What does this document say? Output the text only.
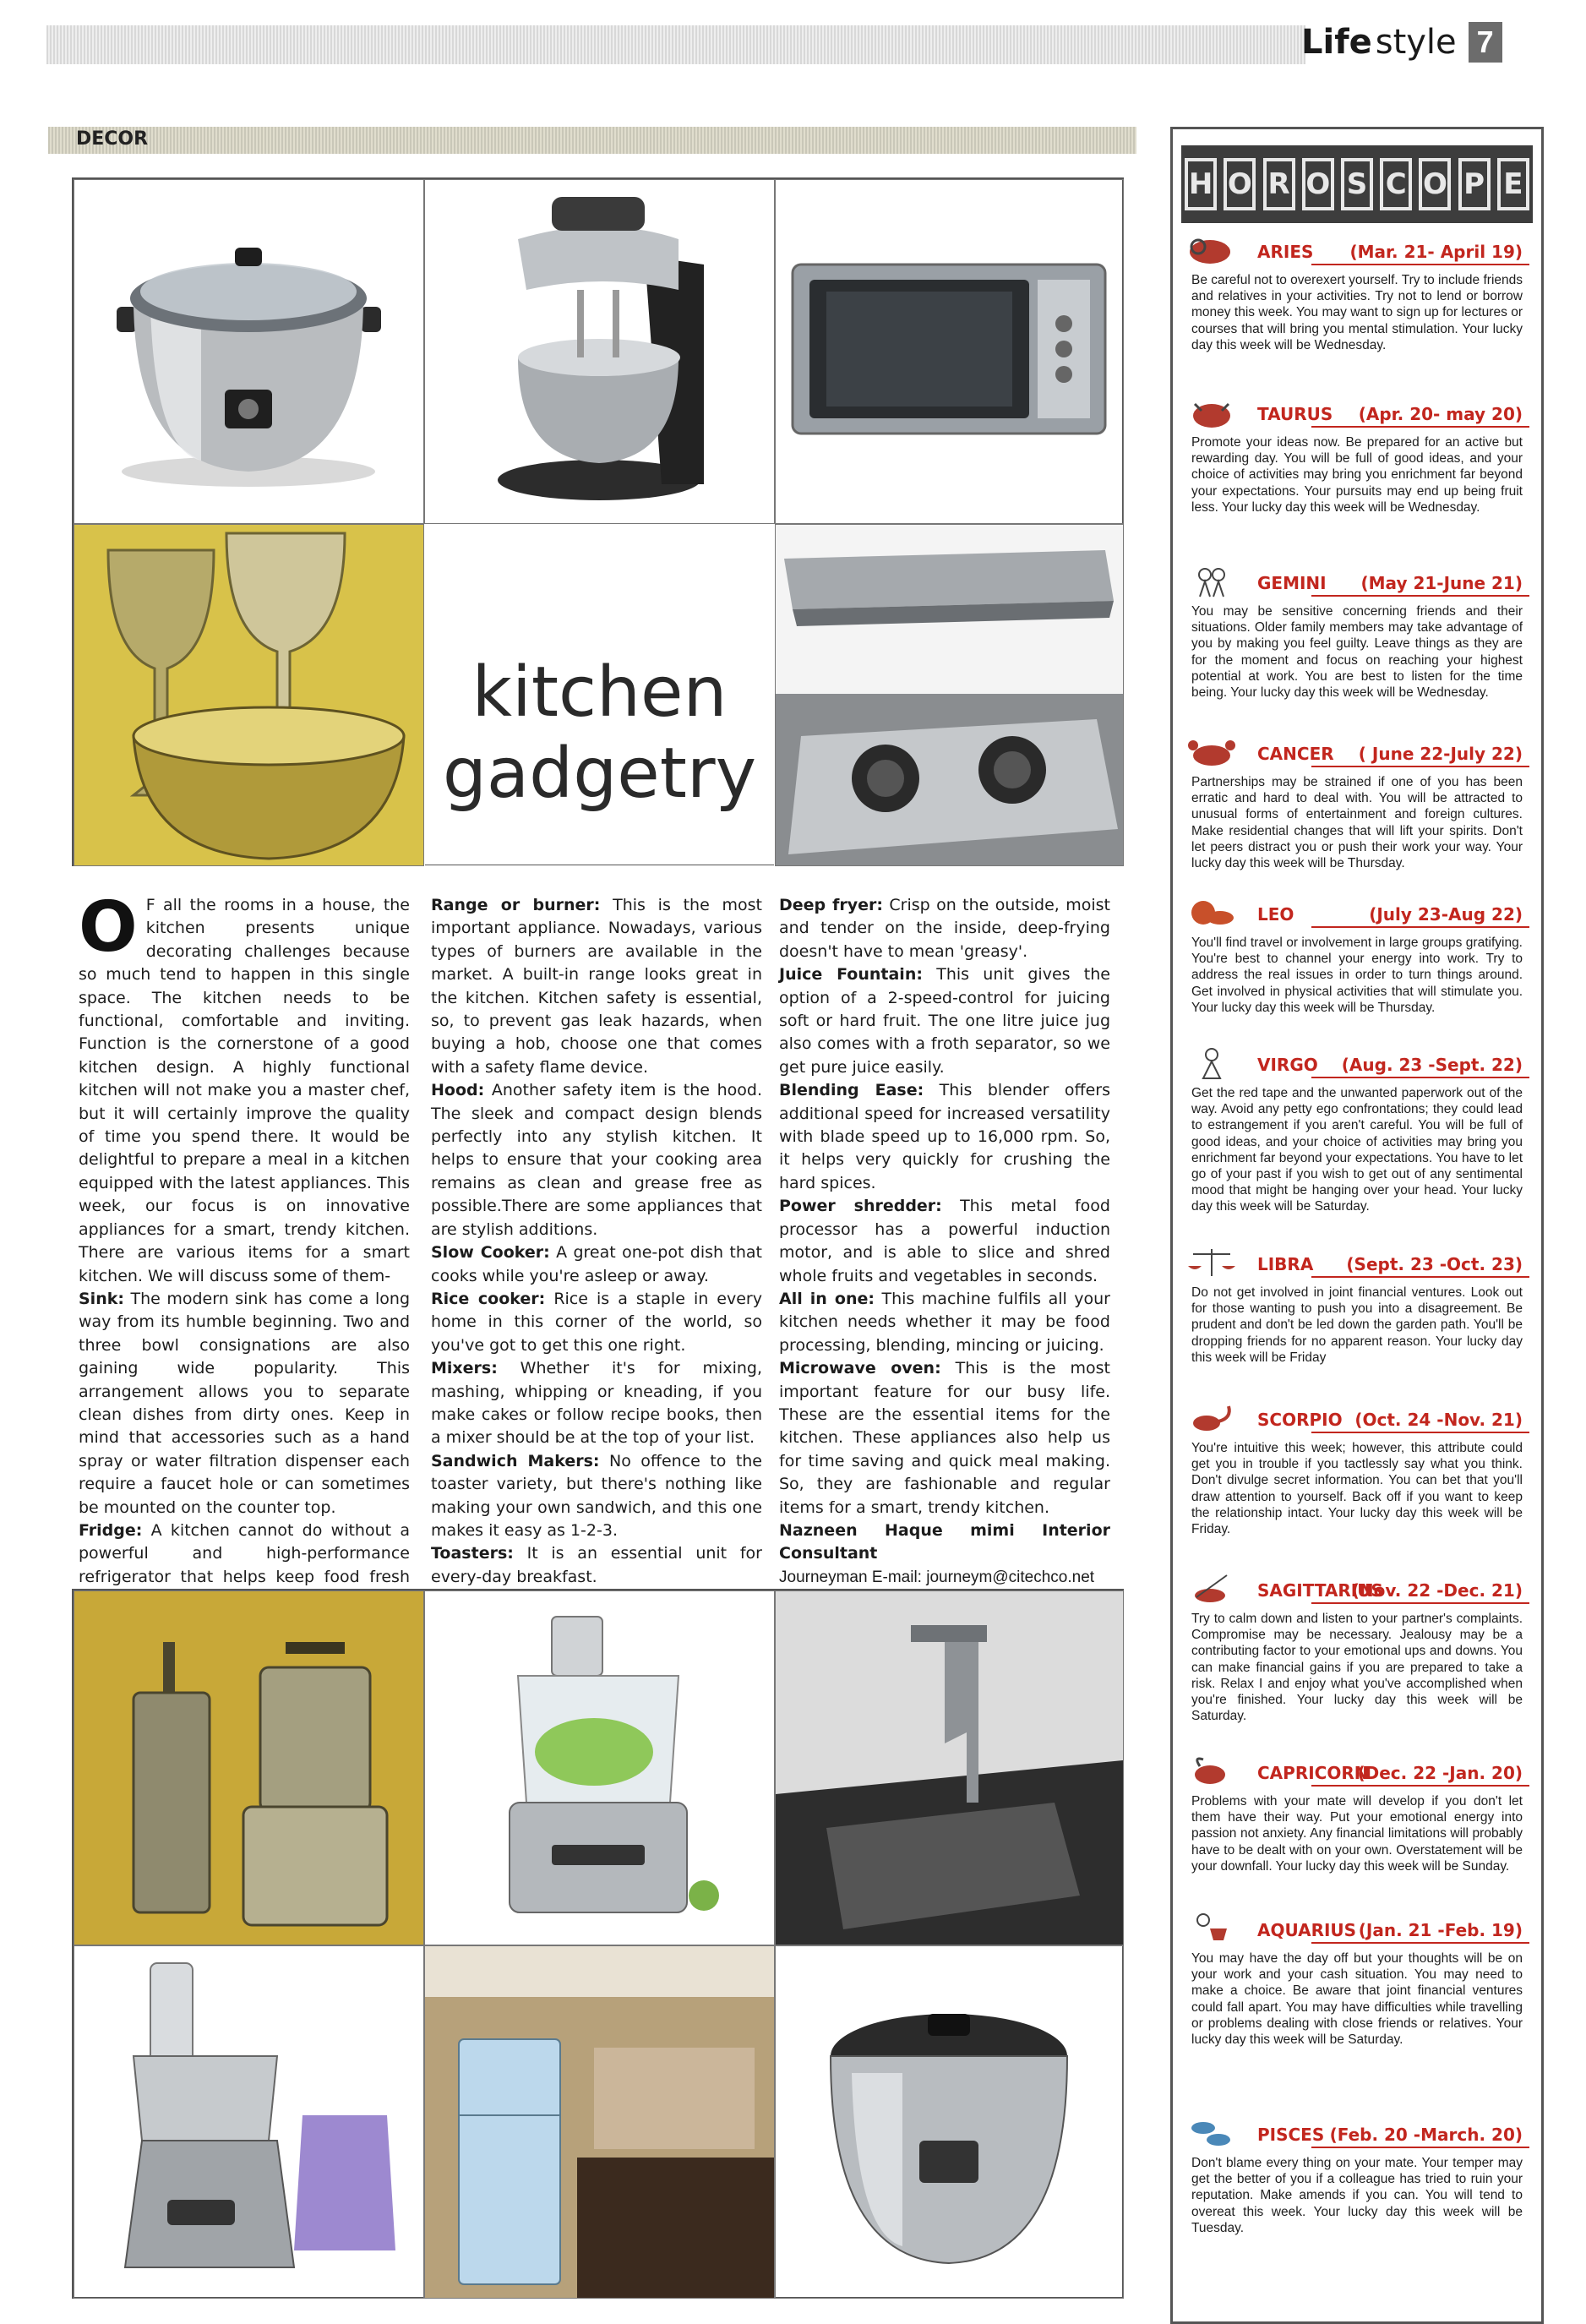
Life style 7
DECOR
kitchen
gadgetry
O F all the rooms in a house, the kitchen presents unique decorating challenges because so much tend to happen in this single space. The kitchen needs to be functional, comfortable and inviting. Function is the cornerstone of a good kitchen design. A highly functional kitchen will not make you a master chef, but it will certainly improve the quality of time you spend there. It would be delightful to prepare a meal in a kitchen equipped with the latest appliances. This week, our focus is on innovative appliances for a smart, trendy kitchen. There are various items for a smart kitchen. We will discuss some of them-

Sink: The modern sink has come a long way from its humble beginning. Two and three bowl consignations are also gaining wide popularity. This arrangement allows you to separate clean dishes from dirty ones. Keep in mind that accessories such as a hand spray or water filtration dispenser each require a faucet hole or can sometimes be mounted on the counter top.

Fridge: A kitchen cannot do without a powerful and high-performance refrigerator that helps keep food fresh

Range or burner: This is the most important appliance. Nowadays, various types of burners are available in the market. A built-in range looks great in the kitchen. Kitchen safety is essential, so, to prevent gas leak hazards, when buying a hob, choose one that comes with a safety flame device.

Hood: Another safety item is the hood. The sleek and compact design blends perfectly into any stylish kitchen. It helps to ensure that your cooking area remains as clean and grease free as possible.There are some appliances that are stylish additions.

Slow Cooker: A great one-pot dish that cooks while you're asleep or away.

Rice cooker: Rice is a staple in every home in this corner of the world, so you've got to get this one right.

Mixers: Whether it's for mixing, mashing, whipping or kneading, if you make cakes or follow recipe books, then a mixer should be at the top of your list.

Sandwich Makers: No offence to the toaster variety, but there's nothing like making your own sandwich, and this one makes it easy as 1-2-3.

Toasters: It is an essential unit for every-day breakfast.

Deep fryer: Crisp on the outside, moist and tender on the inside, deep-frying doesn't have to mean 'greasy'.

Juice Fountain: This unit gives the option of a 2-speed-control for juicing soft or hard fruit. The one litre juice jug also comes with a froth separator, so we get pure juice easily.

Blending Ease: This blender offers additional speed for increased versatility with blade speed up to 16,000 rpm. So, it helps very quickly for crushing the hard spices.

Power shredder: This metal food processor has a powerful induction motor, and is able to slice and shred whole fruits and vegetables in seconds.

All in one: This machine fulfils all your kitchen needs whether it may be food processing, blending, mincing or juicing.

Microwave oven: This is the most important feature for our busy life. These are the essential items for the kitchen. These appliances also help us for time saving and quick meal making. So, they are fashionable and regular items for a smart, trendy kitchen.

Nazneen Haque mimi Interior Consultant

Journeyman E-mail: journeym@citechco.net

H O R O S C O P E
ARIES (Mar. 21- April 19)
Be careful not to overexert yourself. Try to include friends and relatives in your activities. Try not to lend or borrow money this week. You may want to sign up for lectures or courses that will bring you mental stimulation. Your lucky day this week will be Wednesday.
TAURUS (Apr. 20- may 20)
Promote your ideas now. Be prepared for an active but rewarding day. You will be full of good ideas, and your choice of activities may bring you enrichment far beyond your expectations. Your pursuits may end up being fruit less. Your lucky day this week will be Wednesday.
GEMINI (May 21-June 21)
You may be sensitive concerning friends and their situations. Older family members may take advantage of you by making you feel guilty. Leave things as they are for the moment and focus on reaching your highest potential at work. You are best to listen for the time being. Your lucky day this week will be Wednesday.
CANCER ( June 22-July 22)
Partnerships may be strained if one of you has been erratic and hard to deal with. You will be attracted to unusual forms of entertainment and foreign cultures. Make residential changes that will lift your spirits. Don't let peers distract you or push their work your way. Your lucky day this week will be Thursday.
LEO	(July 23-Aug 22)
You'll find travel or involvement in large groups gratifying. You're best to channel your energy into work. Try to address the real issues in order to turn things around. Get involved in physical activities that will stimulate you. Your lucky day this week will be Thursday.
VIRGO (Aug. 23 -Sept. 22)
Get the red tape and the unwanted paperwork out of the way. Avoid any petty ego confrontations; they could lead to estrangement if you aren't careful. You will be full of good ideas, and your choice of activities may bring you enrichment far beyond your expectations. You have to let go of your past if you wish to get out of any sentimental mood that might be hanging over your head. Your lucky day this week will be Saturday.
LIBRA (Sept. 23 -Oct. 23)
Do not get involved in joint financial ventures. Look out for those wanting to push you into a disagreement. Be prudent and don't be led down the garden path. You'll be dropping friends for no apparent reason. Your lucky day this week will be Friday
SCORPIO (Oct. 24 -Nov. 21)
You're intuitive this week; however, this attribute could get you in trouble if you tactlessly say what you think. Don't divulge secret information. You can bet that you'll draw attention to yourself. Back off if you want to keep the relationship intact. Your lucky day this week will be Friday.
SAGITTARIUS
(Nov. 22 -Dec. 21)
Try to calm down and listen to your partner's complaints. Compromise may be necessary. Jealousy may be a contributing factor to your emotional ups and downs. You can make financial gains if you are prepared to take a risk. Relax I and enjoy what you've accomplished when you're finished. Your lucky day this week will be Saturday.
CAPRICORN
(Dec. 22 -Jan. 20)
Problems with your mate will develop if you don't let them have their way. Put your emotional energy into passion not anxiety. Any financial limitations will probably have to be dealt with on your own. Overstatement will be your downfall. Your lucky day this week will be Sunday.
AQUARIUS (Jan. 21 -Feb. 19)
You may have the day off but your thoughts will be on your work and your cash situation. You may need to make a choice. Be aware that joint financial ventures could fall apart. You may have difficulties while travelling or problems dealing with close friends or relatives. Your lucky day this week will be Saturday.
PISCES (Feb. 20 -March. 20)
Don't blame every thing on your mate. Your temper may get the better of you if a colleague has tried to ruin your reputation. Make amends if you can. You will tend to overeat this week. Your lucky day this week will be Tuesday.
